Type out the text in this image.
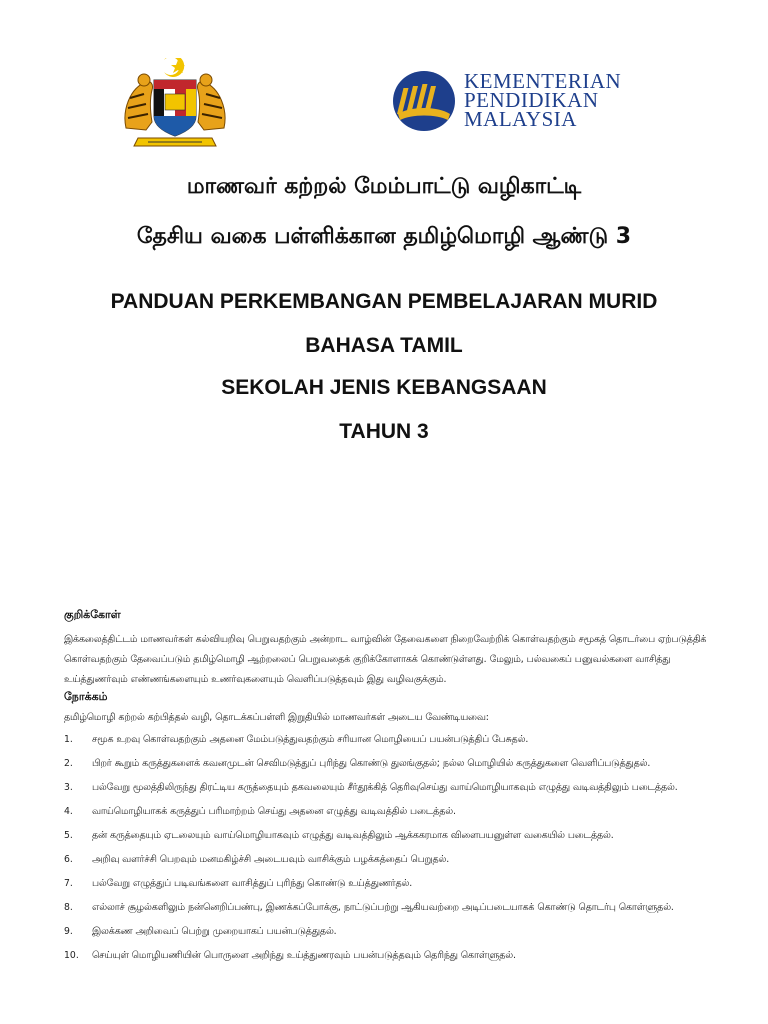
KEMENTERIAN
PENDIDIKAN
MALAYSIA
மாணவர் கற்றல் மேம்பாட்டு வழிகாட்டி
தேசிய வகை பள்ளிக்கான தமிழ்மொழி ஆண்டு 3
PANDUAN PERKEMBANGAN PEMBELAJARAN MURID
BAHASA TAMIL
SEKOLAH JENIS KEBANGSAAN
TAHUN 3
குறிக்கோள்
இக்கலைத்திட்டம் மாணவர்கள் கல்வியறிவு பெறுவதற்கும் அன்றாட வாழ்வின் தேவைகளை நிறைவேற்றிக் கொள்வதற்கும் சமூகத் தொடர்பை ஏற்படுத்திக் கொள்வதற்கும் தேவைப்படும் தமிழ்மொழி ஆற்றலைப் பெறுவதைக் குறிக்கோளாகக் கொண்டுள்ளது. மேலும், பல்வகைப் பனுவல்களை வாசித்து உய்த்துணர்வும் எண்ணங்களையும் உணர்வுகளையும் வெளிப்படுத்தவும் இது வழிவகுக்கும்.
நோக்கம்
தமிழ்மொழி கற்றல் கற்பித்தல் வழி, தொடக்கப்பள்ளி இறுதியில் மாணவர்கள் அடைய வேண்டியவை:
1. சமூக உறவு கொள்வதற்கும் அதனை மேம்படுத்துவதற்கும் சரியான மொழியைப் பயன்படுத்திப் பேசுதல்.
2. பிறர் கூறும் கருத்துகளைக் கவனமுடன் செவிமடுத்துப் புரிந்து கொண்டு துலங்குதல்; நல்ல மொழியில் கருத்துகளை வெளிப்படுத்துதல்.
3. பல்வேறு மூலத்திலிருந்து திரட்டிய கருத்தையும் தகவலையும் சீர்தூக்கித் தெரிவுசெய்து வாய்மொழியாகவும் எழுத்து வடிவத்திலும் படைத்தல்.
4. வாய்மொழியாகக் கருத்துப் பரிமாற்றம் செய்து அதனை எழுத்து வடிவத்தில் படைத்தல்.
5. தன் கருத்தையும் ஏடலையும் வாய்மொழியாகவும் எழுத்து வடிவத்திலும் ஆக்ககரமாக விளைபயனுள்ள வகையில் படைத்தல்.
6. அறிவு வளர்ச்சி பெறவும் மனமகிழ்ச்சி அடையவும் வாசிக்கும் பழக்கத்தைப் பெறுதல்.
7. பல்வேறு எழுத்துப் படிவங்களை வாசித்துப் புரிந்து கொண்டு உய்த்துணர்தல்.
8. எல்லாச் சூழல்களிலும் நன்னெறிப்பண்பு, இணக்கப்போக்கு, நாட்டுப்பற்று ஆகியவற்றை அடிப்படையாகக் கொண்டு தொடர்பு கொள்ளுதல்.
9. இலக்கண அறிவைப் பெற்று முறையாகப் பயன்படுத்துதல்.
10. செய்யுள் மொழியணியின் பொருளை அறிந்து உய்த்துணரவும் பயன்படுத்தவும் தெரிந்து கொள்ளுதல்.
